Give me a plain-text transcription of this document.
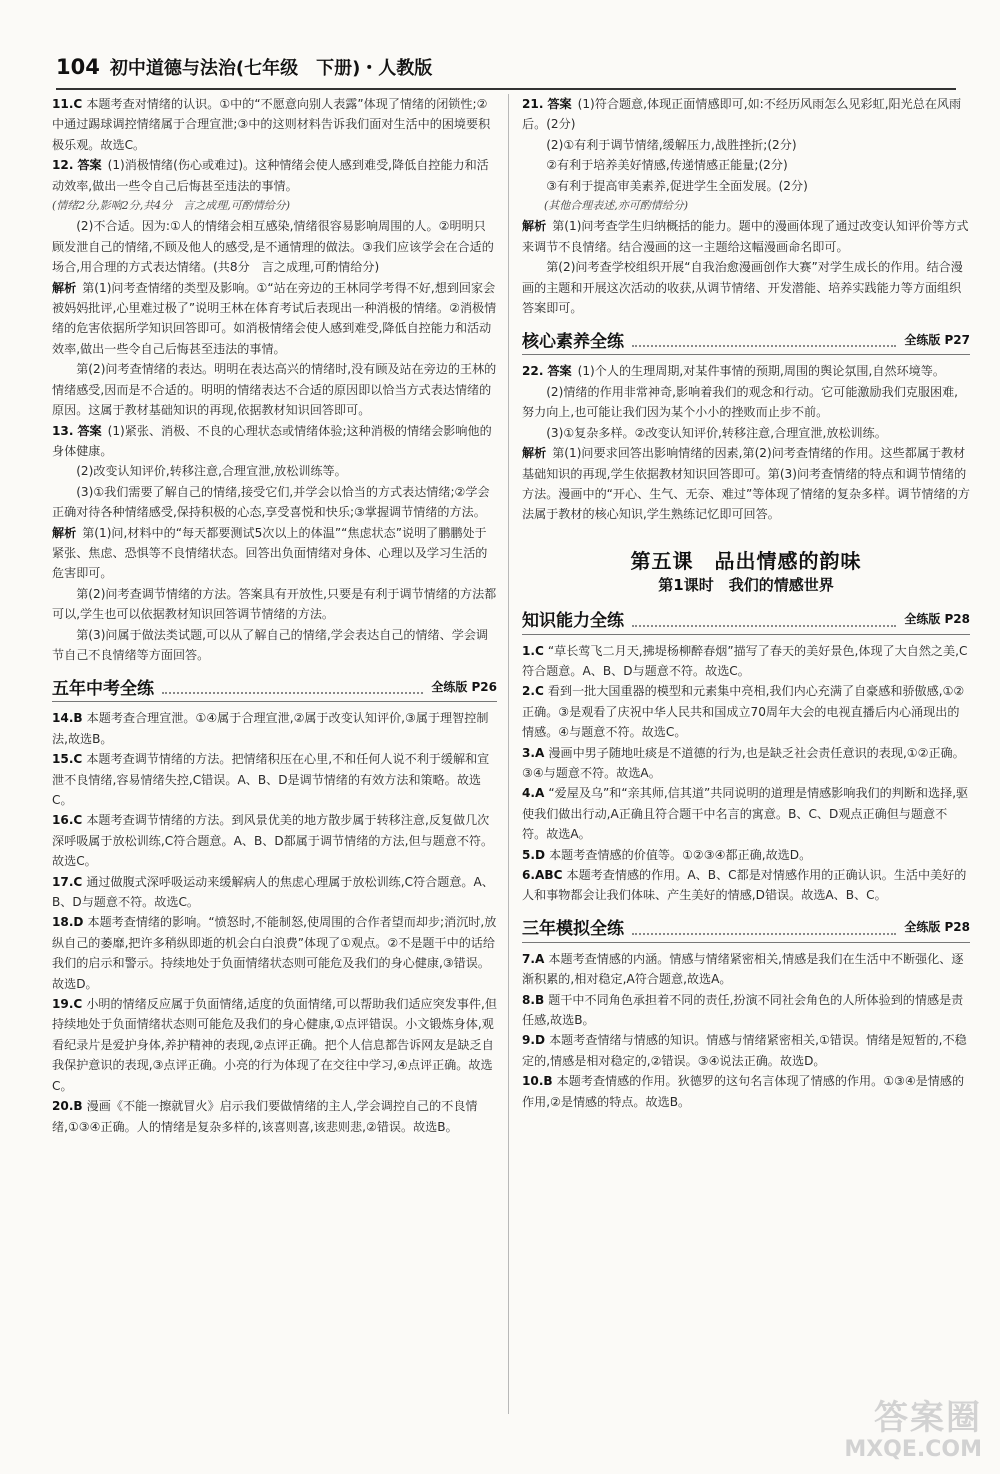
104 初中道德与法治(七年级　下册)・人教版

11.C 本题考查对情绪的认识。①中的“不愿意向别人表露”体现了情绪的闭锁性;②中通过踢球调控情绪属于合理宣泄;③中的这则材料告诉我们面对生活中的困境要积极乐观。故选C。

12. 答案 (1)消极情绪(伤心或难过)。这种情绪会使人感到难受,降低自控能力和活动效率,做出一些令自己后悔甚至违法的事情。

(情绪2分,影响2分,共4分　言之成理,可酌情给分)

(2)不合适。因为:①人的情绪会相互感染,情绪很容易影响周围的人。②明明只顾发泄自己的情绪,不顾及他人的感受,是不通情理的做法。③我们应该学会在合适的场合,用合理的方式表达情绪。(共8分　言之成理,可酌情给分)

解析 第(1)问考查情绪的类型及影响。①“站在旁边的王林同学考得不好,想到回家会被妈妈批评,心里难过极了”说明王林在体育考试后表现出一种消极的情绪。②消极情绪的危害依据所学知识回答即可。如消极情绪会使人感到难受,降低自控能力和活动效率,做出一些令自己后悔甚至违法的事情。

第(2)问考查情绪的表达。明明在表达高兴的情绪时,没有顾及站在旁边的王林的情绪感受,因而是不合适的。明明的情绪表达不合适的原因即以恰当方式表达情绪的原因。这属于教材基础知识的再现,依据教材知识回答即可。

13. 答案 (1)紧张、消极、不良的心理状态或情绪体验;这种消极的情绪会影响他的身体健康。

(2)改变认知评价,转移注意,合理宣泄,放松训练等。

(3)①我们需要了解自己的情绪,接受它们,并学会以恰当的方式表达情绪;②学会正确对待各种情绪感受,保持积极的心态,享受喜悦和快乐;③掌握调节情绪的方法。

解析 第(1)问,材料中的“每天都要测试5次以上的体温”“焦虑状态”说明了鹏鹏处于紧张、焦虑、恐惧等不良情绪状态。回答出负面情绪对身体、心理以及学习生活的危害即可。

第(2)问考查调节情绪的方法。答案具有开放性,只要是有利于调节情绪的方法都可以,学生也可以依据教材知识回答调节情绪的方法。

第(3)问属于做法类试题,可以从了解自己的情绪,学会表达自己的情绪、学会调节自己不良情绪等方面回答。

五年中考全练	全练版 P26

14.B 本题考查合理宣泄。①④属于合理宣泄,②属于改变认知评价,③属于理智控制法,故选B。

15.C 本题考查调节情绪的方法。把情绪积压在心里,不和任何人说不利于缓解和宣泄不良情绪,容易情绪失控,C错误。A、B、D是调节情绪的有效方法和策略。故选C。

16.C 本题考查调节情绪的方法。到风景优美的地方散步属于转移注意,反复做几次深呼吸属于放松训练,C符合题意。A、B、D都属于调节情绪的方法,但与题意不符。故选C。

17.C 通过做腹式深呼吸运动来缓解病人的焦虑心理属于放松训练,C符合题意。A、B、D与题意不符。故选C。

18.D 本题考查情绪的影响。“愤怒时,不能制怒,使周围的合作者望而却步;消沉时,放纵自己的萎靡,把许多稍纵即逝的机会白白浪费”体现了①观点。②不是题干中的话给我们的启示和警示。持续地处于负面情绪状态则可能危及我们的身心健康,③错误。故选D。

19.C 小明的情绪反应属于负面情绪,适度的负面情绪,可以帮助我们适应突发事件,但持续地处于负面情绪状态则可能危及我们的身心健康,①点评错误。小文锻炼身体,观看纪录片是爱护身体,养护精神的表现,②点评正确。把个人信息都告诉网友是缺乏自我保护意识的表现,③点评正确。小亮的行为体现了在交往中学习,④点评正确。故选C。

20.B 漫画《不能一擦就冒火》启示我们要做情绪的主人,学会调控自己的不良情绪,①③④正确。人的情绪是复杂多样的,该喜则喜,该悲则悲,②错误。故选B。

21. 答案 (1)符合题意,体现正面情感即可,如:不经历风雨怎么见彩虹,阳光总在风雨后。(2分)

(2)①有利于调节情绪,缓解压力,战胜挫折;(2分)

②有利于培养美好情感,传递情感正能量;(2分)

③有利于提高审美素养,促进学生全面发展。(2分)

(其他合理表述,亦可酌情给分)

解析 第(1)问考查学生归纳概括的能力。题中的漫画体现了通过改变认知评价等方式来调节不良情绪。结合漫画的这一主题给这幅漫画命名即可。

第(2)问考查学校组织开展“自我治愈漫画创作大赛”对学生成长的作用。结合漫画的主题和开展这次活动的收获,从调节情绪、开发潜能、培养实践能力等方面组织答案即可。

核心素养全练	全练版 P27

22. 答案 (1)个人的生理周期,对某件事情的预期,周围的舆论氛围,自然环境等。

(2)情绪的作用非常神奇,影响着我们的观念和行动。它可能激励我们克服困难,努力向上,也可能让我们因为某个小小的挫败而止步不前。

(3)①复杂多样。②改变认知评价,转移注意,合理宣泄,放松训练。

解析 第(1)问要求回答出影响情绪的因素,第(2)问考查情绪的作用。这些都属于教材基础知识的再现,学生依据教材知识回答即可。第(3)问考查情绪的特点和调节情绪的方法。漫画中的“开心、生气、无奈、难过”等体现了情绪的复杂多样。调节情绪的方法属于教材的核心知识,学生熟练记忆即可回答。

第五课　品出情感的韵味
第1课时　我们的情感世界
知识能力全练	全练版 P28

1.C “草长莺飞二月天,拂堤杨柳醉春烟”描写了春天的美好景色,体现了大自然之美,C符合题意。A、B、D与题意不符。故选C。

2.C 看到一批大国重器的模型和元素集中亮相,我们内心充满了自豪感和骄傲感,①②正确。③是观看了庆祝中华人民共和国成立70周年大会的电视直播后内心涌现出的情感。④与题意不符。故选C。

3.A 漫画中男子随地吐痰是不道德的行为,也是缺乏社会责任意识的表现,①②正确。③④与题意不符。故选A。

4.A “爱屋及乌”和“亲其师,信其道”共同说明的道理是情感影响我们的判断和选择,驱使我们做出行动,A正确且符合题干中名言的寓意。B、C、D观点正确但与题意不符。故选A。

5.D 本题考查情感的价值等。①②③④都正确,故选D。

6.ABC 本题考查情感的作用。A、B、C都是对情感作用的正确认识。生活中美好的人和事物都会让我们体味、产生美好的情感,D错误。故选A、B、C。

三年模拟全练	全练版 P28

7.A 本题考查情感的内涵。情感与情绪紧密相关,情感是我们在生活中不断强化、逐渐积累的,相对稳定,A符合题意,故选A。

8.B 题干中不同角色承担着不同的责任,扮演不同社会角色的人所体验到的情感是责任感,故选B。

9.D 本题考查情绪与情感的知识。情感与情绪紧密相关,①错误。情绪是短暂的,不稳定的,情感是相对稳定的,②错误。③④说法正确。故选D。

10.B 本题考查情感的作用。狄德罗的这句名言体现了情感的作用。①③④是情感的作用,②是情感的特点。故选B。

答案圈
MXQE.COM
